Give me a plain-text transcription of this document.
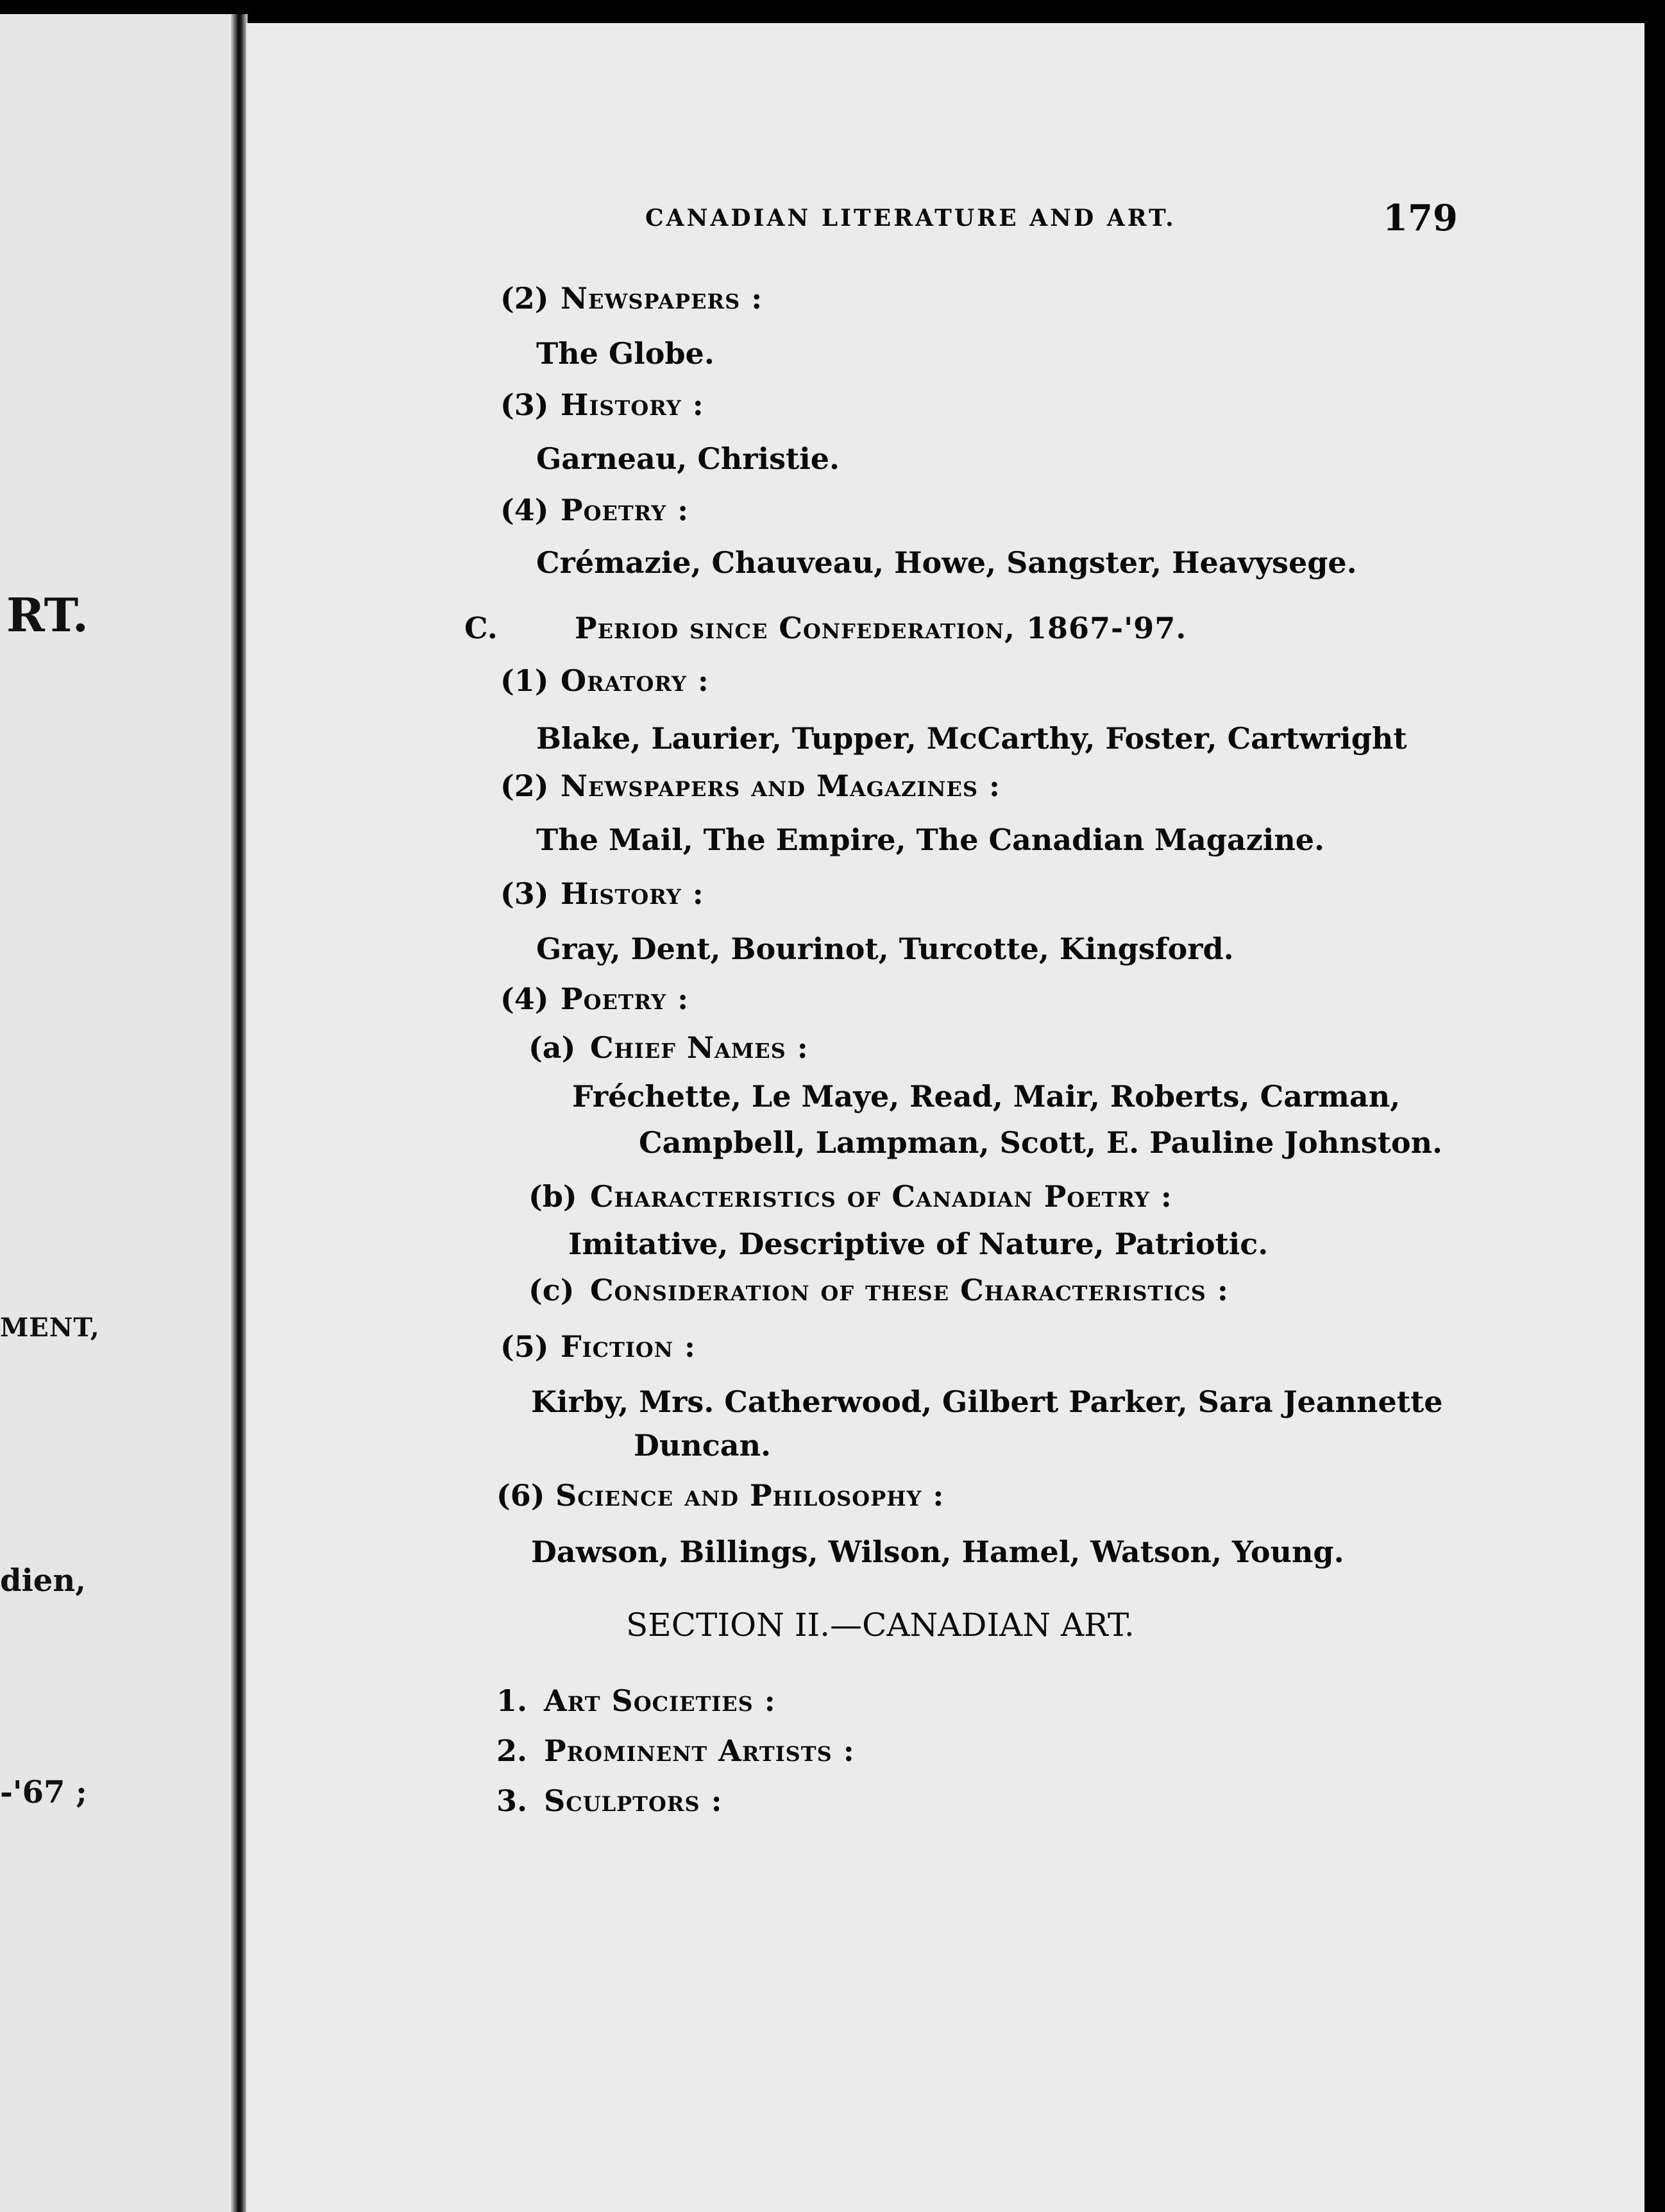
RT.
MENT,
dien,
-'67 ;
CANADIAN LITERATURE AND ART.	179
(2) Newspapers :
The Globe.
(3) History :
Garneau, Christie.
(4) Poetry :
Crémazie, Chauveau, Howe, Sangster, Heavysege.
C.	Period since Confederation, 1867-'97.
(1) Oratory :
Blake, Laurier, Tupper, McCarthy, Foster, Cartwright
(2) Newspapers and Magazines :
The Mail, The Empire, The Canadian Magazine.
(3) History :
Gray, Dent, Bourinot, Turcotte, Kingsford.
(4) Poetry :
(a) Chief Names :
Fréchette, Le Maye, Read, Mair, Roberts, Carman,
Campbell, Lampman, Scott, E. Pauline Johnston.
(b) Characteristics of Canadian Poetry :
Imitative, Descriptive of Nature, Patriotic.
(c) Consideration of these Characteristics :
(5) Fiction :
Kirby, Mrs. Catherwood, Gilbert Parker, Sara Jeannette
Duncan.
(6) Science and Philosophy :
Dawson, Billings, Wilson, Hamel, Watson, Young.
SECTION II.—CANADIAN ART.
1. Art Societies :
2. Prominent Artists :
3. Sculptors :
